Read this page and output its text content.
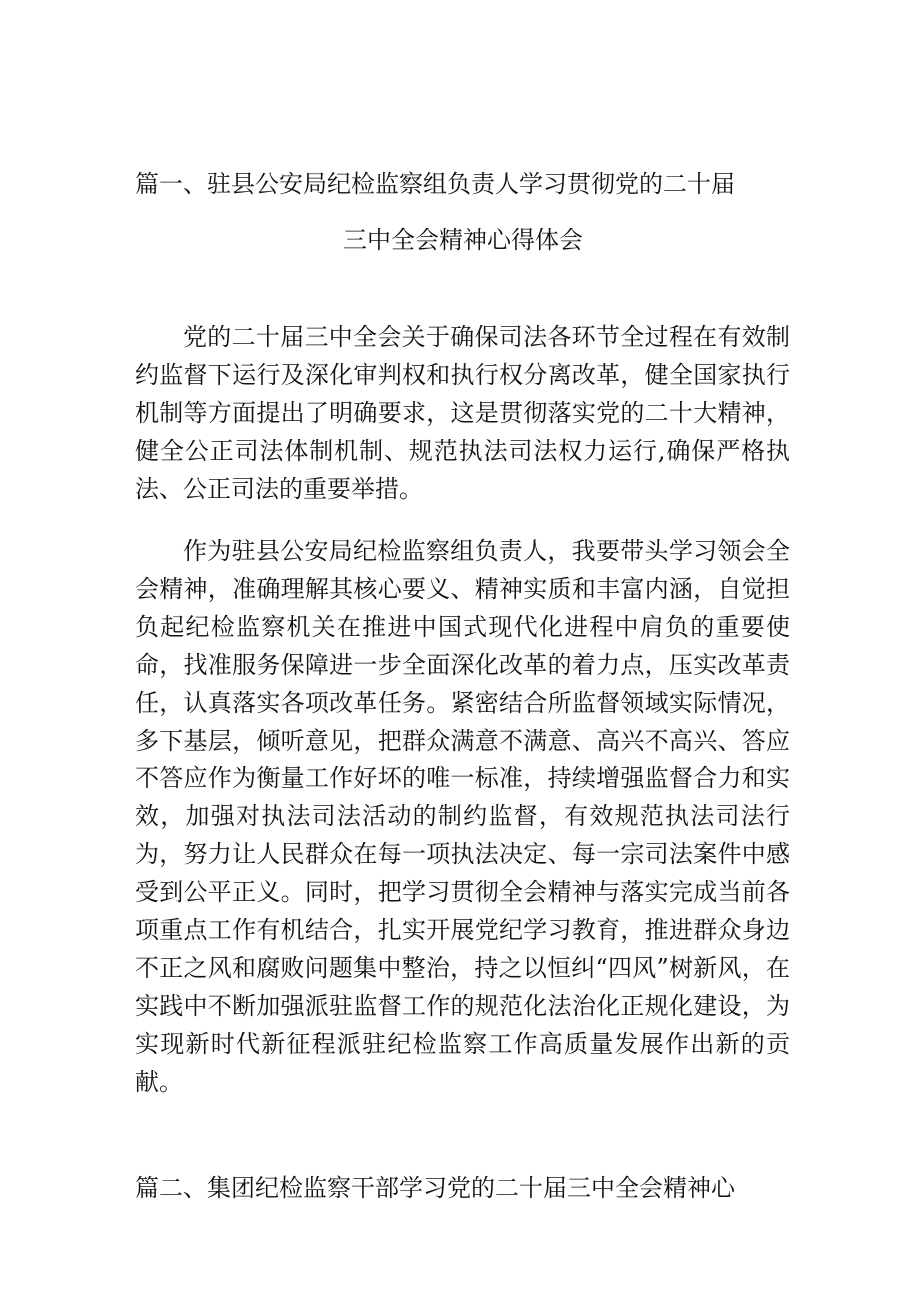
篇一、驻县公安局纪检监察组负责人学习贯彻党的二十届
三中全会精神心得体会

党的二十届三中全会关于确保司法各环节全过程在有效制约监督下运行及深化审判权和执行权分离改革，健全国家执行机制等方面提出了明确要求，这是贯彻落实党的二十大精神，健全公正司法体制机制、规范执法司法权力运行,确保严格执法、公正司法的重要举措。

作为驻县公安局纪检监察组负责人，我要带头学习领会全会精神，准确理解其核心要义、精神实质和丰富内涵，自觉担负起纪检监察机关在推进中国式现代化进程中肩负的重要使命，找准服务保障进一步全面深化改革的着力点，压实改革责任，认真落实各项改革任务。紧密结合所监督领域实际情况，多下基层，倾听意见，把群众满意不满意、高兴不高兴、答应不答应作为衡量工作好坏的唯一标准，持续增强监督合力和实效，加强对执法司法活动的制约监督，有效规范执法司法行为，努力让人民群众在每一项执法决定、每一宗司法案件中感受到公平正义。同时，把学习贯彻全会精神与落实完成当前各项重点工作有机结合，扎实开展党纪学习教育，推进群众身边不正之风和腐败问题集中整治，持之以恒纠“四风”树新风，在实践中不断加强派驻监督工作的规范化法治化正规化建设，为实现新时代新征程派驻纪检监察工作高质量发展作出新的贡献。

篇二、集团纪检监察干部学习党的二十届三中全会精神心
